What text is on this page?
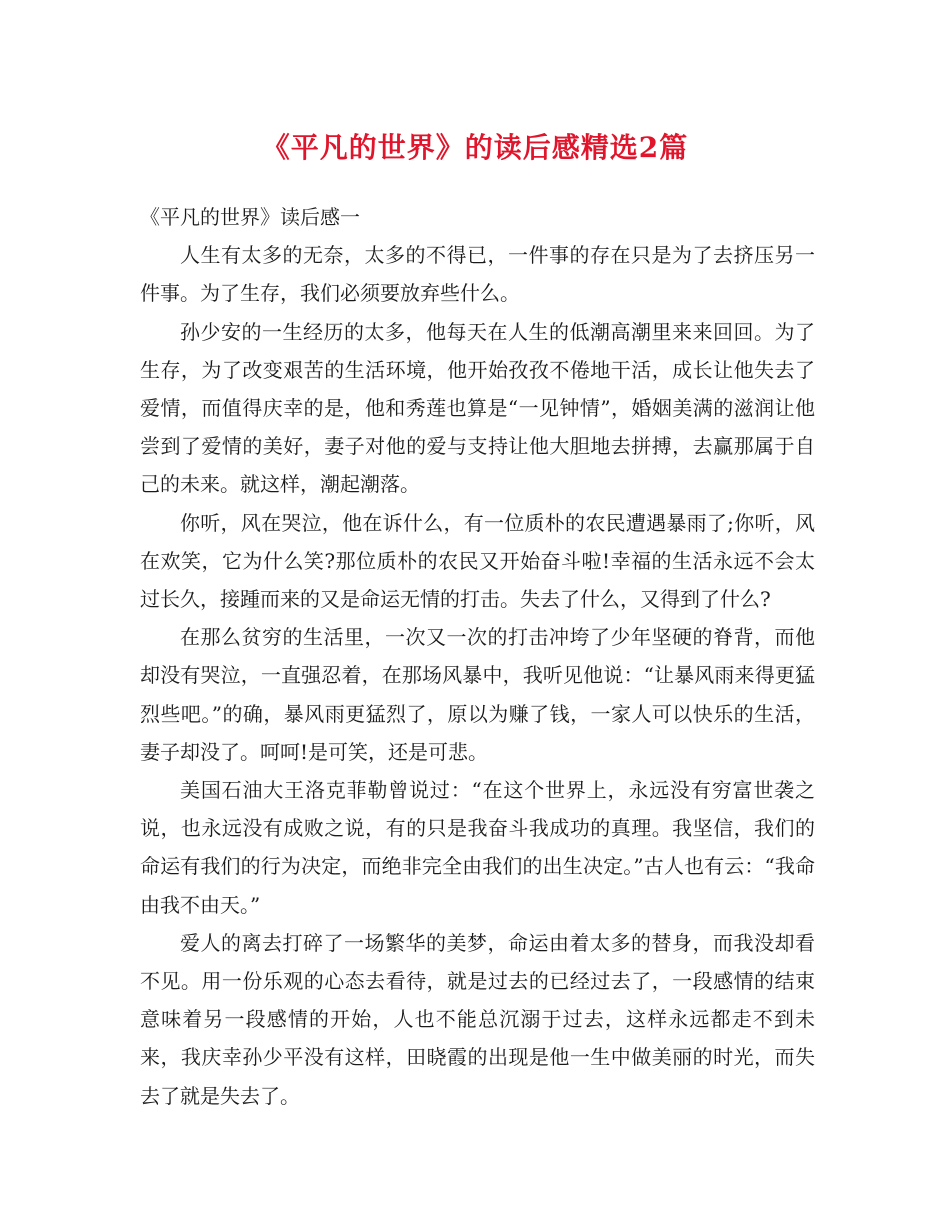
《平凡的世界》的读后感精选2篇

《平凡的世界》读后感一

人生有太多的无奈，太多的不得已，一件事的存在只是为了去挤压另一件事。为了生存，我们必须要放弃些什么。

孙少安的一生经历的太多，他每天在人生的低潮高潮里来来回回。为了生存，为了改变艰苦的生活环境，他开始孜孜不倦地干活，成长让他失去了爱情，而值得庆幸的是，他和秀莲也算是“一见钟情”，婚姻美满的滋润让他尝到了爱情的美好，妻子对他的爱与支持让他大胆地去拼搏，去赢那属于自己的未来。就这样，潮起潮落。

你听，风在哭泣，他在诉什么，有一位质朴的农民遭遇暴雨了;你听，风在欢笑，它为什么笑?那位质朴的农民又开始奋斗啦!幸福的生活永远不会太过长久，接踵而来的又是命运无情的打击。失去了什么，又得到了什么?

在那么贫穷的生活里，一次又一次的打击冲垮了少年坚硬的脊背，而他却没有哭泣，一直强忍着，在那场风暴中，我听见他说：“让暴风雨来得更猛烈些吧。”的确，暴风雨更猛烈了，原以为赚了钱，一家人可以快乐的生活，妻子却没了。呵呵!是可笑，还是可悲。

美国石油大王洛克菲勒曾说过：“在这个世界上，永远没有穷富世袭之说，也永远没有成败之说，有的只是我奋斗我成功的真理。我坚信，我们的命运有我们的行为决定，而绝非完全由我们的出生决定。”古人也有云：“我命由我不由天。”

爱人的离去打碎了一场繁华的美梦，命运由着太多的替身，而我没却看不见。用一份乐观的心态去看待，就是过去的已经过去了，一段感情的结束意味着另一段感情的开始，人也不能总沉溺于过去，这样永远都走不到未来，我庆幸孙少平没有这样，田晓霞的出现是他一生中做美丽的时光，而失去了就是失去了。
